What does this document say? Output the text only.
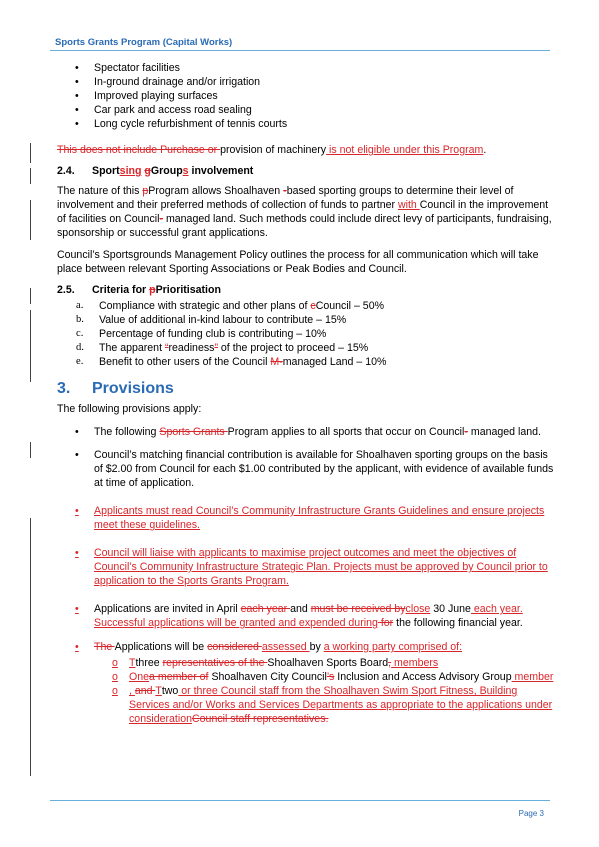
Sports Grants Program (Capital Works)
• Spectator facilities
• In-ground drainage and/or irrigation
• Improved playing surfaces
• Car park and access road sealing
• Long cycle refurbishment of tennis courts

This does not include Purchase or provision of machinery is not eligible under this Program.

2.4.	Sportsing gGroups involvement

The nature of this pProgram allows Shoalhaven -based sporting groups to determine their level of involvement and their preferred methods of collection of funds to partner with Council in the improvement of facilities on Council- managed land. Such methods could include direct levy of participants, fundraising, sponsorship or successful grant applications.

Council’s Sportsgrounds Management Policy outlines the process for all communication which will take place between relevant Sporting Associations or Peak Bodies and Council.

2.5.	Criteria for pPrioritisation
a. Compliance with strategic and other plans of cCouncil – 50%
b. Value of additional in-kind labour to contribute – 15%
c. Percentage of funding club is contributing – 10%
d. The apparent “readiness” of the project to proceed – 15%
e. Benefit to other users of the Council M-managed Land – 10%
3.	Provisions

The following provisions apply:

• The following Sports Grants Program applies to all sports that occur on Council- managed land.
• Council’s matching financial contribution is available for Shoalhaven sporting groups on the basis of $2.00 from Council for each $1.00 contributed by the applicant, with evidence of available funds at time of application.
• Applicants must read Council’s Community Infrastructure Grants Guidelines and ensure projects meet these guidelines.
• Council will liaise with applicants to maximise project outcomes and meet the objectives of Council’s Community Infrastructure Strategic Plan. Projects must be approved by Council prior to application to the Sports Grants Program.
• Applications are invited in April each year and must be received byclose 30 June each year. Successful applications will be granted and expended during for the following financial year.
• The Applications will be considered assessed by a working party comprised of:
o Tthree representatives of the Shoalhaven Sports Board, members
o Onea member of Shoalhaven City Council’s Inclusion and Access Advisory Group member
o , and Ttwo or three Council staff from the Shoalhaven Swim Sport Fitness, Building Services and/or Works and Services Departments as appropriate to the applications under considerationCouncil staff representatives.
Page 3
